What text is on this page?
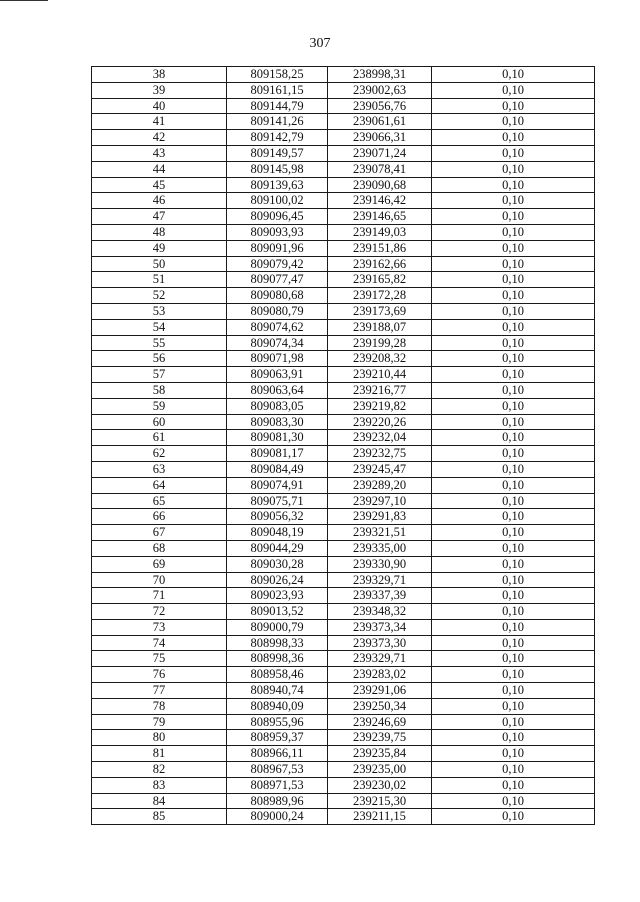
307
38	809158,25	238998,31	0,10
39	809161,15	239002,63	0,10
40	809144,79	239056,76	0,10
41	809141,26	239061,61	0,10
42	809142,79	239066,31	0,10
43	809149,57	239071,24	0,10
44	809145,98	239078,41	0,10
45	809139,63	239090,68	0,10
46	809100,02	239146,42	0,10
47	809096,45	239146,65	0,10
48	809093,93	239149,03	0,10
49	809091,96	239151,86	0,10
50	809079,42	239162,66	0,10
51	809077,47	239165,82	0,10
52	809080,68	239172,28	0,10
53	809080,79	239173,69	0,10
54	809074,62	239188,07	0,10
55	809074,34	239199,28	0,10
56	809071,98	239208,32	0,10
57	809063,91	239210,44	0,10
58	809063,64	239216,77	0,10
59	809083,05	239219,82	0,10
60	809083,30	239220,26	0,10
61	809081,30	239232,04	0,10
62	809081,17	239232,75	0,10
63	809084,49	239245,47	0,10
64	809074,91	239289,20	0,10
65	809075,71	239297,10	0,10
66	809056,32	239291,83	0,10
67	809048,19	239321,51	0,10
68	809044,29	239335,00	0,10
69	809030,28	239330,90	0,10
70	809026,24	239329,71	0,10
71	809023,93	239337,39	0,10
72	809013,52	239348,32	0,10
73	809000,79	239373,34	0,10
74	808998,33	239373,30	0,10
75	808998,36	239329,71	0,10
76	808958,46	239283,02	0,10
77	808940,74	239291,06	0,10
78	808940,09	239250,34	0,10
79	808955,96	239246,69	0,10
80	808959,37	239239,75	0,10
81	808966,11	239235,84	0,10
82	808967,53	239235,00	0,10
83	808971,53	239230,02	0,10
84	808989,96	239215,30	0,10
85	809000,24	239211,15	0,10
